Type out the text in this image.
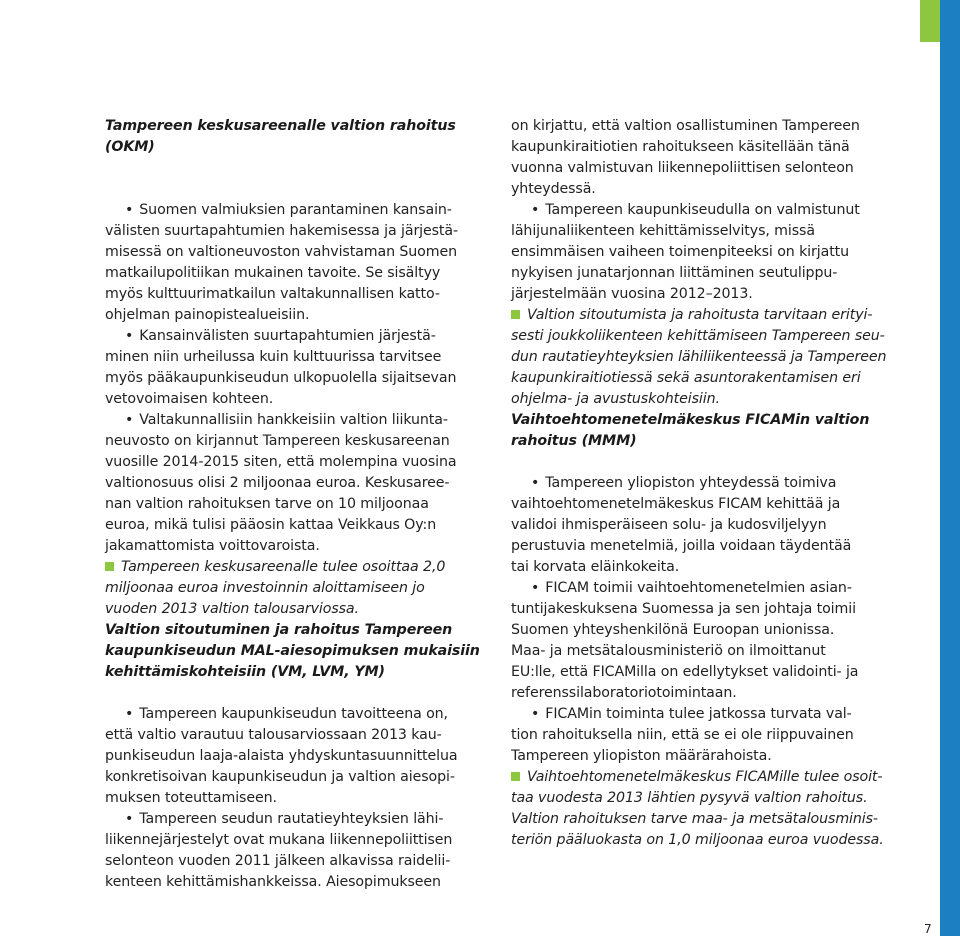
Tampereen keskusareenalle valtion rahoitus

(OKM)

• Suomen valmiuksien parantaminen kansain-

välisten suurtapahtumien hakemisessa ja järjestä-

misessä on valtioneuvoston vahvistaman Suomen

matkailupolitiikan mukainen tavoite. Se sisältyy

myös kulttuurimatkailun valtakunnallisen katto-

ohjelman painopistealueisiin.

• Kansainvälisten suurtapahtumien järjestä-

minen niin urheilussa kuin kulttuurissa tarvitsee

myös pääkaupunkiseudun ulkopuolella sijaitsevan

vetovoimaisen kohteen.

• Valtakunnallisiin hankkeisiin valtion liikunta-

neuvosto on kirjannut Tampereen keskusareenan

vuosille 2014-2015 siten, että molempina vuosina

valtionosuus olisi 2 miljoonaa euroa. Keskusaree-

nan valtion rahoituksen tarve on 10 miljoonaa

euroa, mikä tulisi pääosin kattaa Veikkaus Oy:n

jakamattomista voittovaroista.

Tampereen keskusareenalle tulee osoittaa 2,0

miljoonaa euroa investoinnin aloittamiseen jo

vuoden 2013 valtion talousarviossa.

Valtion sitoutuminen ja rahoitus Tampereen

kaupunkiseudun MAL-aiesopimuksen mukaisiin

kehittämiskohteisiin (VM, LVM, YM)

• Tampereen kaupunkiseudun tavoitteena on,

että valtio varautuu talousarviossaan 2013 kau-

punkiseudun laaja-alaista yhdyskuntasuunnittelua

konkretisoivan kaupunkiseudun ja valtion aiesopi-

muksen toteuttamiseen.

• Tampereen seudun rautatieyhteyksien lähi-

liikennejärjestelyt ovat mukana liikennepoliittisen

selonteon vuoden 2011 jälkeen alkavissa raidelii-

kenteen kehittämishankkeissa. Aiesopimukseen

on kirjattu, että valtion osallistuminen Tampereen

kaupunkiraitiotien rahoitukseen käsitellään tänä

vuonna valmistuvan liikennepoliittisen selonteon

yhteydessä.

• Tampereen kaupunkiseudulla on valmistunut

lähijunaliikenteen kehittämisselvitys, missä

ensimmäisen vaiheen toimenpiteeksi on kirjattu

nykyisen junatarjonnan liittäminen seutulippu-

järjestelmään vuosina 2012–2013.

Valtion sitoutumista ja rahoitusta tarvitaan erityi-

sesti joukkoliikenteen kehittämiseen Tampereen seu-

dun rautatieyhteyksien lähiliikenteessä ja Tampereen

kaupunkiraitiotiessä sekä asuntorakentamisen eri

ohjelma- ja avustuskohteisiin.

Vaihtoehtomenetelmäkeskus FICAMin valtion

rahoitus (MMM)

• Tampereen yliopiston yhteydessä toimiva

vaihtoehtomenetelmäkeskus FICAM kehittää ja

validoi ihmisperäiseen solu- ja kudosviljelyyn

perustuvia menetelmiä, joilla voidaan täydentää

tai korvata eläinkokeita.

• FICAM toimii vaihtoehtomenetelmien asian-

tuntijakeskuksena Suomessa ja sen johtaja toimii

Suomen yhteyshenkilönä Euroopan unionissa.

Maa- ja metsätalousministeriö on ilmoittanut

EU:lle, että FICAMilla on edellytykset validointi- ja

referenssilaboratoriotoimintaan.

• FICAMin toiminta tulee jatkossa turvata val-

tion rahoituksella niin, että se ei ole riippuvainen

Tampereen yliopiston määrärahoista.

Vaihtoehtomenetelmäkeskus FICAMille tulee osoit-

taa vuodesta 2013 lähtien pysyvä valtion rahoitus.

Valtion rahoituksen tarve maa- ja metsätalousminis-

teriön pääluokasta on 1,0 miljoonaa euroa vuodessa.

7
